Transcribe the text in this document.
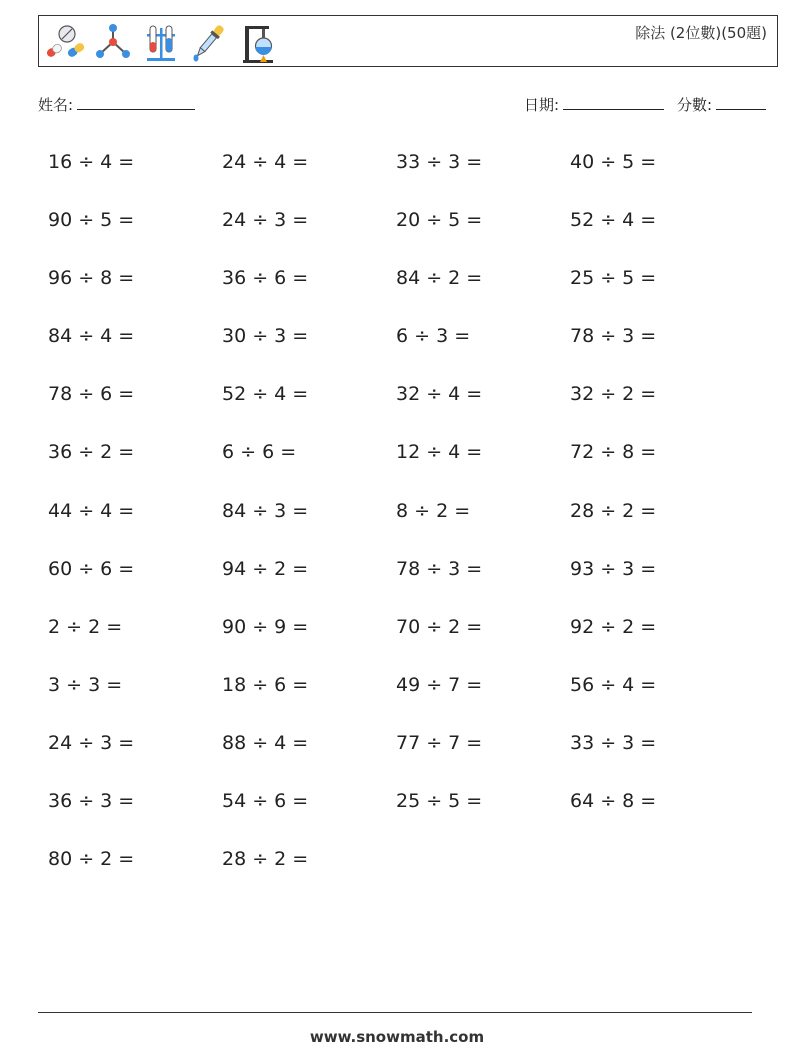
除法 (2位數)(50題)
姓名:	日期:	分數:
16 ÷ 4 =	24 ÷ 4 =	33 ÷ 3 =	40 ÷ 5 =
90 ÷ 5 =	24 ÷ 3 =	20 ÷ 5 =	52 ÷ 4 =
96 ÷ 8 =	36 ÷ 6 =	84 ÷ 2 =	25 ÷ 5 =
84 ÷ 4 =	30 ÷ 3 =	6 ÷ 3 =	78 ÷ 3 =
78 ÷ 6 =	52 ÷ 4 =	32 ÷ 4 =	32 ÷ 2 =
36 ÷ 2 =	6 ÷ 6 =	12 ÷ 4 =	72 ÷ 8 =
44 ÷ 4 =	84 ÷ 3 =	8 ÷ 2 =	28 ÷ 2 =
60 ÷ 6 =	94 ÷ 2 =	78 ÷ 3 =	93 ÷ 3 =
2 ÷ 2 =	90 ÷ 9 =	70 ÷ 2 =	92 ÷ 2 =
3 ÷ 3 =	18 ÷ 6 =	49 ÷ 7 =	56 ÷ 4 =
24 ÷ 3 =	88 ÷ 4 =	77 ÷ 7 =	33 ÷ 3 =
36 ÷ 3 =	54 ÷ 6 =	25 ÷ 5 =	64 ÷ 8 =
80 ÷ 2 =	28 ÷ 2 =
www.snowmath.com
